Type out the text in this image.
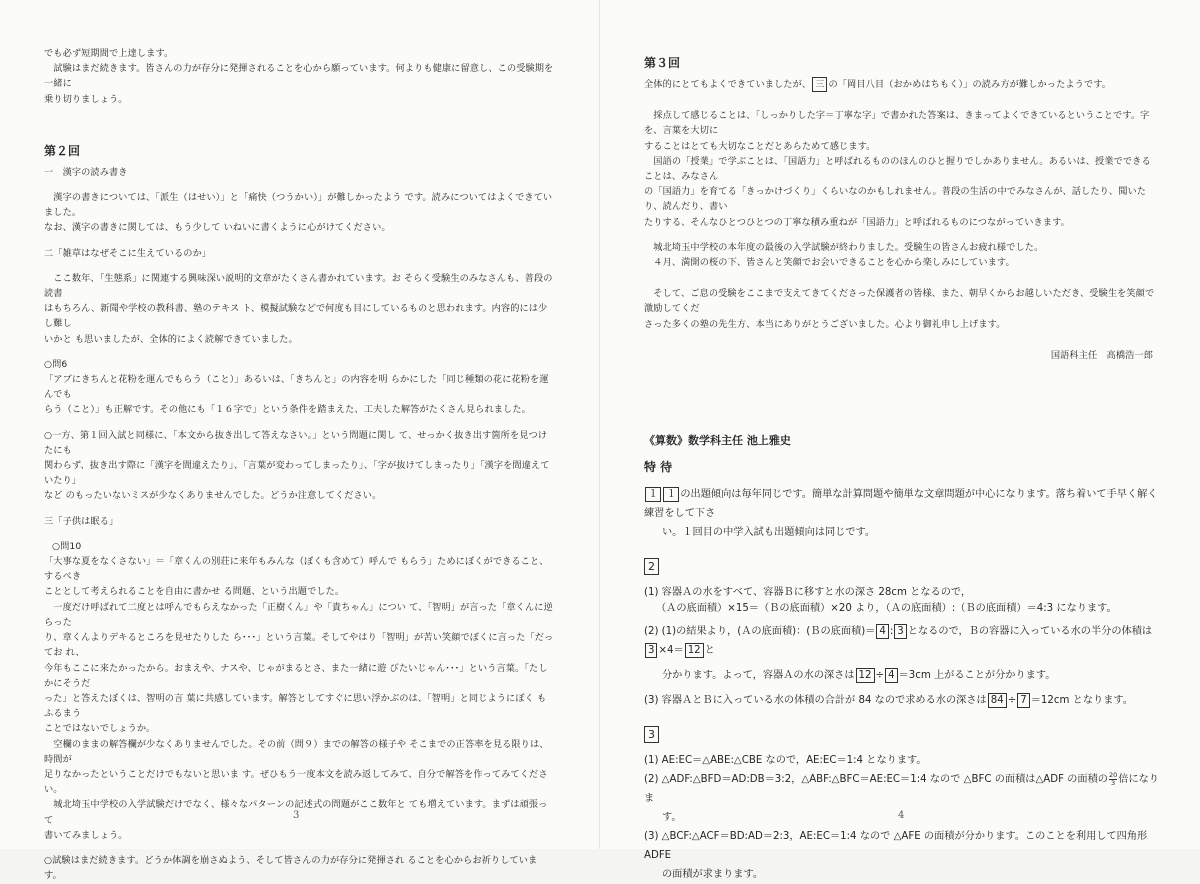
でも必ず短期間で上達します。
　試験はまだ続きます。皆さんの力が存分に発揮されることを心から願っています。何よりも健康に留意し、この受験期を一緒に
乗り切りましょう。
第２回
一　漢字の読み書き
　漢字の書きについては、「派生（はせい）」と「痛快（つうかい）」が難しかったよう です。読みについてはよくできていました。
なお、漢字の書きに関しては、もう少して いねいに書くように心がけてください。
二「雑草はなぜそこに生えているのか」
　ここ数年、「生態系」に関連する興味深い説明的文章がたくさん書かれています。お そらく受験生のみなさんも、普段の読書
はもちろん、新聞や学校の教科書、塾のテキス ト、模擬試験などで何度も目にしているものと思われます。内容的には少し難し
いかと も思いましたが、全体的によく読解できていました。
○問6
「アブにきちんと花粉を運んでもらう（こと）」あるいは、「きちんと」の内容を明 らかにした「同じ種類の花に花粉を運んでも
らう（こと）」も正解です。その他にも「１６字で」という条件を踏まえた、工夫した解答がたくさん見られました。
○一方、第１回入試と同様に、「本文から抜き出して答えなさい。」という問題に関し て、せっかく抜き出す箇所を見つけたにも
関わらず、抜き出す際に「漢字を間違えたり」、「言葉が変わってしまったり」、「字が抜けてしまったり」「漢字を間違えていたり」
など のもったいないミスが少なくありませんでした。どうか注意してください。
三「子供は眠る」
○問10
「大事な夏をなくさない」＝「章くんの別荘に来年もみんな（ぼくも含めて）呼んで もらう」ためにぼくができること、するべき
こととして考えられることを自由に書かせ る問題、という出題でした。
　一度だけ呼ばれて二度とは呼んでもらえなかった「正樹くん」や「貴ちゃん」につい て、「智明」が言った「章くんに逆らった
り、章くんよりデキるところを見せたりした ら･･･」という言葉。そしてやはり「智明」が苦い笑顔でぼくに言った「だってお れ、
今年もここに来たかったから。おまえや、ナスや、じゃがまるとさ、また一緒に遊 びたいじゃん･･･」という言葉。「たしかにそうだ
った」と答えたぼくは、智明の言 葉に共感しています。解答としてすぐに思い浮かぶのは、「智明」と同じようにぼく もふるまう
ことではないでしょうか。
　空欄のままの解答欄が少なくありませんでした。その前（問９）までの解答の様子や そこまでの正答率を見る限りは、時間が
足りなかったということだけでもないと思いま す。ぜひもう一度本文を読み返してみて、自分で解答を作ってみてください。
　城北埼玉中学校の入学試験だけでなく、様々なパターンの記述式の問題がここ数年と ても増えています。まずは頑張って
書いてみましょう。
○試験はまだ続きます。どうか体調を崩さぬよう、そして皆さんの力が存分に発揮され ることを心からお祈りしています。
3
第３回
全体的にとてもよくできていましたが、 三 の「岡目八目（おかめはちもく）」の読み方が難しかったようです。
　採点して感じることは、「しっかりした字＝丁寧な字」で書かれた答案は、きまってよくできているということです。字を、言葉を大切に
することはとても大切なことだとあらためて感じます。
　国語の「授業」で学ぶことは、「国語力」と呼ばれるもののほんのひと握りでしかありません。あるいは、授業でできることは、みなさん
の「国語力」を育てる「きっかけづくり」くらいなのかもしれません。普段の生活の中でみなさんが、話したり、聞いたり、読んだり、書い
たりする、そんなひとつひとつの丁寧な積み重ねが「国語力」と呼ばれるものにつながっていきます。
　城北埼玉中学校の本年度の最後の入学試験が終わりました。受験生の皆さんお疲れ様でした。
　４月、満開の桜の下、皆さんと笑顔でお会いできることを心から楽しみにしています。
　そして、ご息の受験をここまで支えてきてくださった保護者の皆様、また、朝早くからお越しいただき、受験生を笑顔で激励してくだ
さった多くの塾の先生方、本当にありがとうございました。心より御礼申し上げます。
国語科主任　高橋浩一郎
《算数》数学科主任 池上雅史
特 待
１ １ の出題傾向は毎年同じです。簡単な計算問題や簡単な文章問題が中心になります。落ち着いて手早く解く練習をして下さ
い。１回目の中学入試も出題傾向は同じです。
2
(1) 容器Ａの水をすべて、容器Ｂに移すと水の深さ 28cm となるので，
（Ａの底面積）×15＝（Ｂの底面積）×20 より，（Ａの底面積）:（Ｂの底面積）＝4:3 になります。
(2) (1)の結果より，(Ａの底面積)：(Ｂの底面積)＝ 4 : 3 となるので，Ｂの容器に入っている水の半分の体積は3 ×4＝ 12 と
分かります。よって，容器Ａの水の深さは 12 ÷ 4 ＝3cm 上がることが分かります。
(3) 容器ＡとＢに入っている水の体積の合計が 84 なので求める水の深さは 84 ÷ 7 ＝12cm となります。
3
(1) AE:EC＝△ABE:△CBE なので，AE:EC＝1:4 となります。
(2) △ADF:△BFD＝AD:DB＝3:2，△ABF:△BFC＝AE:EC＝1:4 なので △BFC の面積は△ADF の面積の $\frac{20}{3}$ 倍になりま
す。
(3) △BCF:△ACF＝BD:AD＝2:3，AE:EC＝1:4 なので △AFE の面積が分かります。このことを利用して四角形 ADFE
の面積が求まります。
4
